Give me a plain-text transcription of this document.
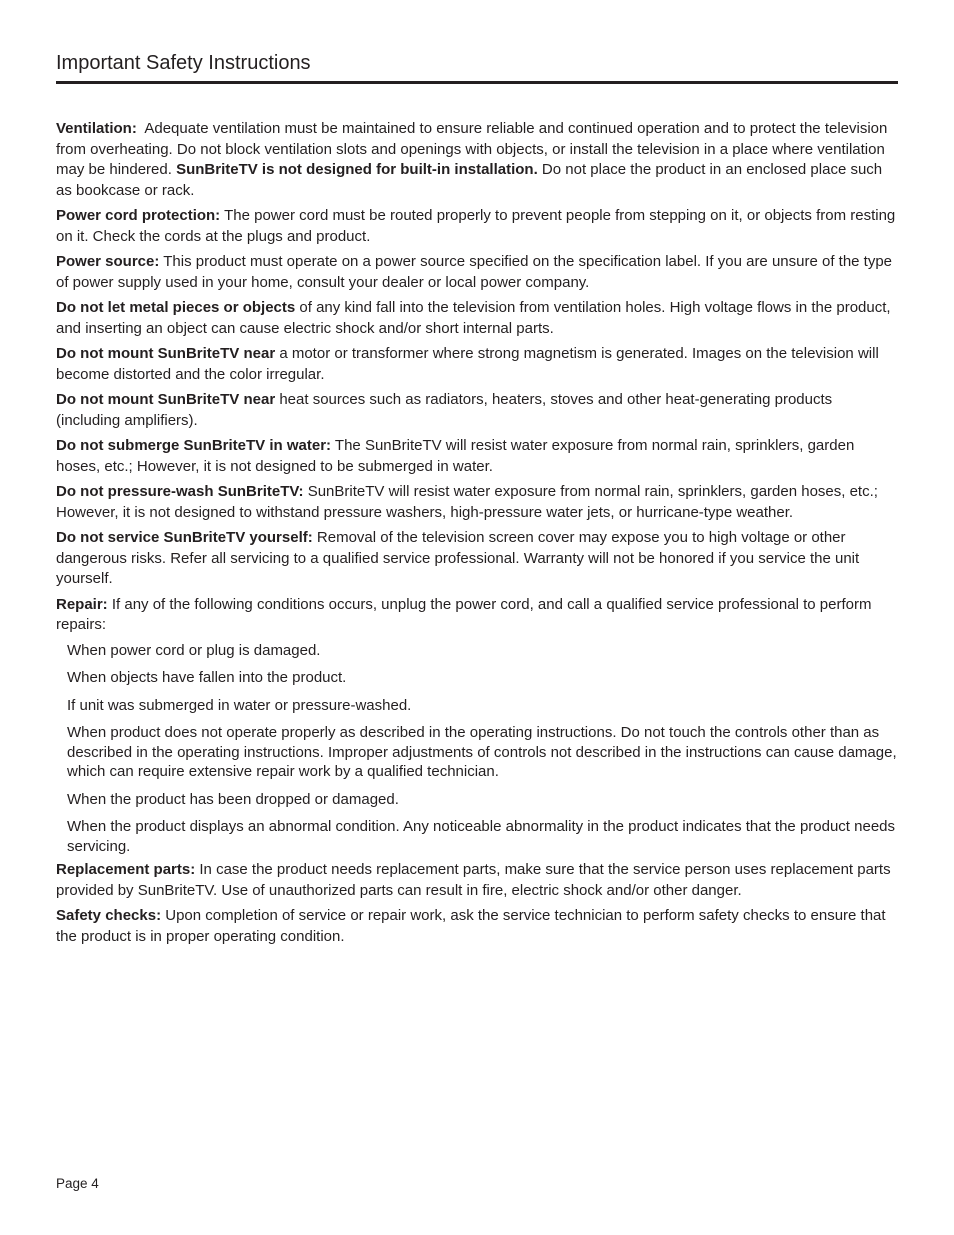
Important Safety Instructions

Ventilation:  Adequate ventilation must be maintained to ensure reliable and continued operation and to protect the television from overheating. Do not block ventilation slots and openings with objects, or install the television in a place where ventilation may be hindered. SunBriteTV is not designed for built-in installation. Do not place the product in an enclosed place such as bookcase or rack.

Power cord protection: The power cord must be routed properly to prevent people from stepping on it, or objects from resting on it. Check the cords at the plugs and product.

Power source: This product must operate on a power source specified on the specification label. If you are unsure of the type of power supply used in your home, consult your dealer or local power company.

Do not let metal pieces or objects of any kind fall into the television from ventilation holes. High voltage flows in the product, and inserting an object can cause electric shock and/or short internal parts.

Do not mount SunBriteTV near a motor or transformer where strong magnetism is generated. Images on the television will become distorted and the color irregular.

Do not mount SunBriteTV near heat sources such as radiators, heaters, stoves and other heat-generating products (including amplifiers).

Do not submerge SunBriteTV in water: The SunBriteTV will resist water exposure from normal rain, sprinklers, garden hoses, etc.; However, it is not designed to be submerged in water.

Do not pressure-wash SunBriteTV: SunBriteTV will resist water exposure from normal rain, sprinklers, garden hoses, etc.; However, it is not designed to withstand pressure washers, high-pressure water jets, or hurricane-type weather.

Do not service SunBriteTV yourself: Removal of the television screen cover may expose you to high voltage or other dangerous risks. Refer all servicing to a qualified service professional. Warranty will not be honored if you service the unit yourself.

Repair: If any of the following conditions occurs, unplug the power cord, and call a qualified service professional to perform repairs:

When power cord or plug is damaged.
When objects have fallen into the product.
If unit was submerged in water or pressure-washed.
When product does not operate properly as described in the operating instructions. Do not touch the controls other than as described in the operating instructions. Improper adjustments of controls not described in the instructions can cause damage, which can require extensive repair work by a qualified technician.
When the product has been dropped or damaged.
When the product displays an abnormal condition. Any noticeable abnormality in the product indicates that the product needs servicing.

Replacement parts: In case the product needs replacement parts, make sure that the service person uses replacement parts provided by SunBriteTV. Use of unauthorized parts can result in fire, electric shock and/or other danger.

Safety checks: Upon completion of service or repair work, ask the service technician to perform safety checks to ensure that the product is in proper operating condition.

Page 4
